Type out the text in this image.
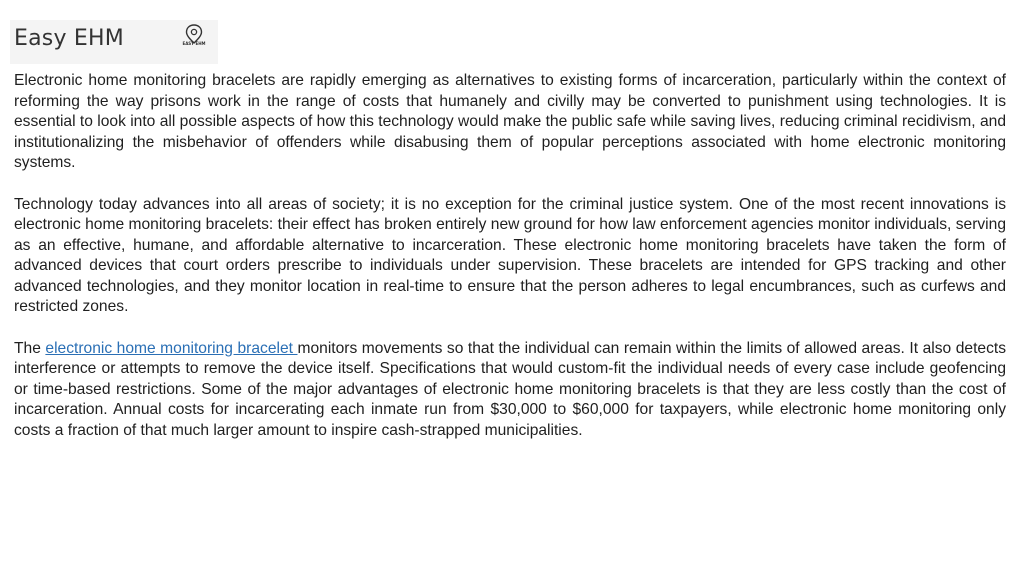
Easy EHM	EASY EHM

Electronic home monitoring bracelets are rapidly emerging as alternatives to existing forms of incarceration, particularly within the context of reforming the way prisons work in the range of costs that humanely and civilly may be converted to punishment using technologies. It is essential to look into all possible aspects of how this technology would make the public safe while saving lives, reducing criminal recidivism, and institutionalizing the misbehavior of offenders while disabusing them of popular perceptions associated with home electronic monitoring systems.

Technology today advances into all areas of society; it is no exception for the criminal justice system. One of the most recent innovations is electronic home monitoring bracelets: their effect has broken entirely new ground for how law enforcement agencies monitor individuals, serving as an effective, humane, and affordable alternative to incarceration. These electronic home monitoring bracelets have taken the form of advanced devices that court orders prescribe to individuals under supervision. These bracelets are intended for GPS tracking and other advanced technologies, and they monitor location in real-time to ensure that the person adheres to legal encumbrances, such as curfews and restricted zones.

The electronic home monitoring bracelet monitors movements so that the individual can remain within the limits of allowed areas. It also detects interference or attempts to remove the device itself. Specifications that would custom-fit the individual needs of every case include geofencing or time-based restrictions. Some of the major advantages of electronic home monitoring bracelets is that they are less costly than the cost of incarceration. Annual costs for incarcerating each inmate run from $30,000 to $60,000 for taxpayers, while electronic home monitoring only costs a fraction of that much larger amount to inspire cash-strapped municipalities.
